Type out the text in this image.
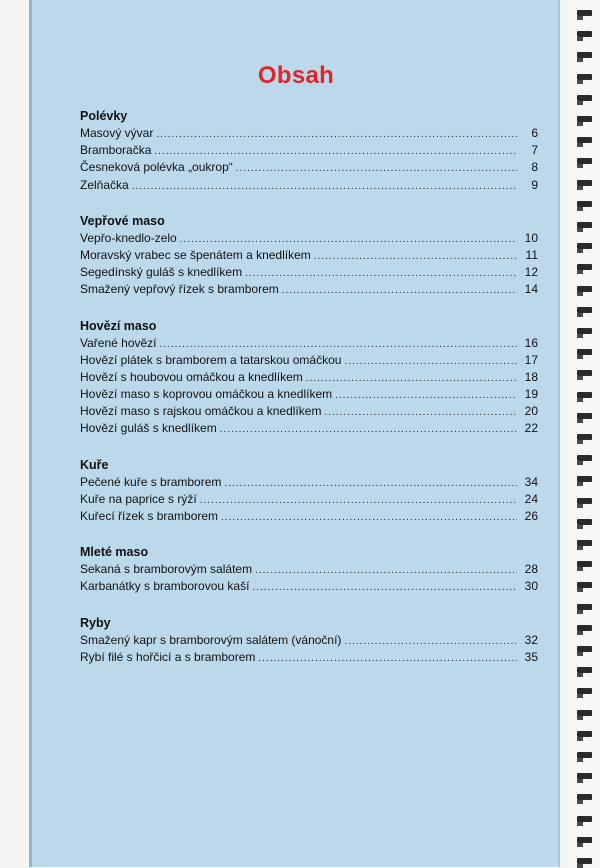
Obsah
Polévky
Masový vývar .....	6
Bramboračka .....	7
Česneková polévka „oukrop“ .....	8
Zelňačka .....	9
Vepřové maso
Vepřo-knedlo-zelo .....	10
Moravský vrabec se špenátem a knedlíkem .....	11
Segedínský guláš s knedlíkem .....	12
Smažený vepřový řízek s bramborem .....	14
Hovězí maso
Vařené hovězí .....	16
Hovězí plátek s bramborem a tatarskou omáčkou .....	17
Hovězí s houbovou omáčkou a knedlíkem .....	18
Hovězí maso s koprovou omáčkou a knedlíkem .....	19
Hovězí maso s rajskou omáčkou a knedlíkem .....	20
Hovězí guláš s knedlíkem .....	22
Kuře
Pečené kuře s bramborem .....	34
Kuře na paprice s rýží .....	24
Kuřecí řízek s bramborem .....	26
Mleté maso
Sekaná s bramborovým salátem .....	28
Karbanátky s bramborovou kaší .....	30
Ryby
Smažený kapr s bramborovým salátem (vánoční) .....	32
Rybí filé s hořčicí a s bramborem .....	35
